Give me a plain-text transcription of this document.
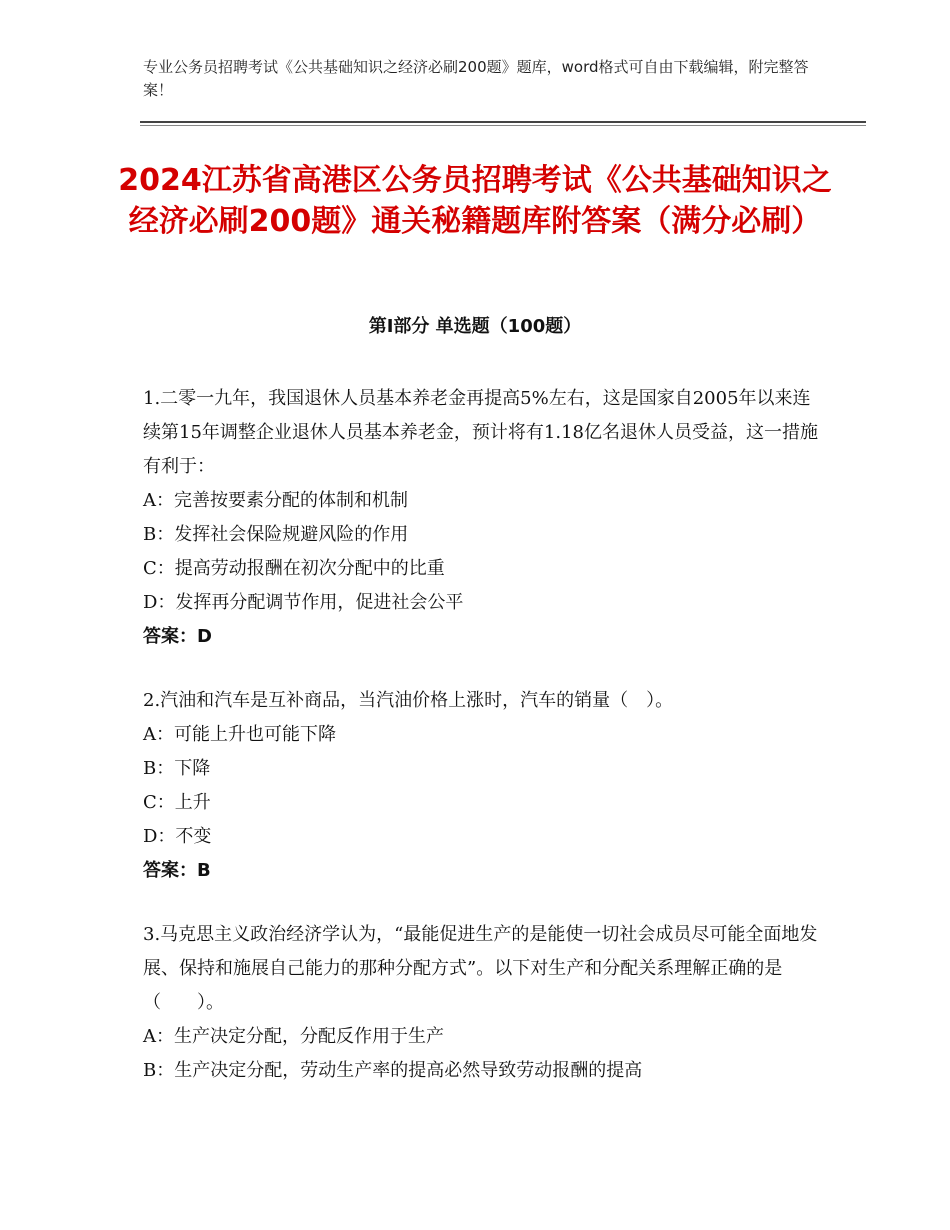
专业公务员招聘考试《公共基础知识之经济必刷200题》题库，word格式可自由下载编辑，附完整答案！
2024江苏省高港区公务员招聘考试《公共基础知识之经济必刷200题》通关秘籍题库附答案（满分必刷）
第Ⅰ部分 单选题（100题）

1.二零一九年，我国退休人员基本养老金再提高5%左右，这是国家自2005年以来连续第15年调整企业退休人员基本养老金，预计将有1.18亿名退休人员受益，这一措施有利于：

A：完善按要素分配的体制和机制

B：发挥社会保险规避风险的作用

C：提高劳动报酬在初次分配中的比重

D：发挥再分配调节作用，促进社会公平

答案：D

2.汽油和汽车是互补商品，当汽油价格上涨时，汽车的销量（　）。

A：可能上升也可能下降

B：下降

C：上升

D：不变

答案：B

3.马克思主义政治经济学认为，“最能促进生产的是能使一切社会成员尽可能全面地发展、保持和施展自己能力的那种分配方式”。以下对生产和分配关系理解正确的是（　　）。

A：生产决定分配，分配反作用于生产

B：生产决定分配，劳动生产率的提高必然导致劳动报酬的提高
